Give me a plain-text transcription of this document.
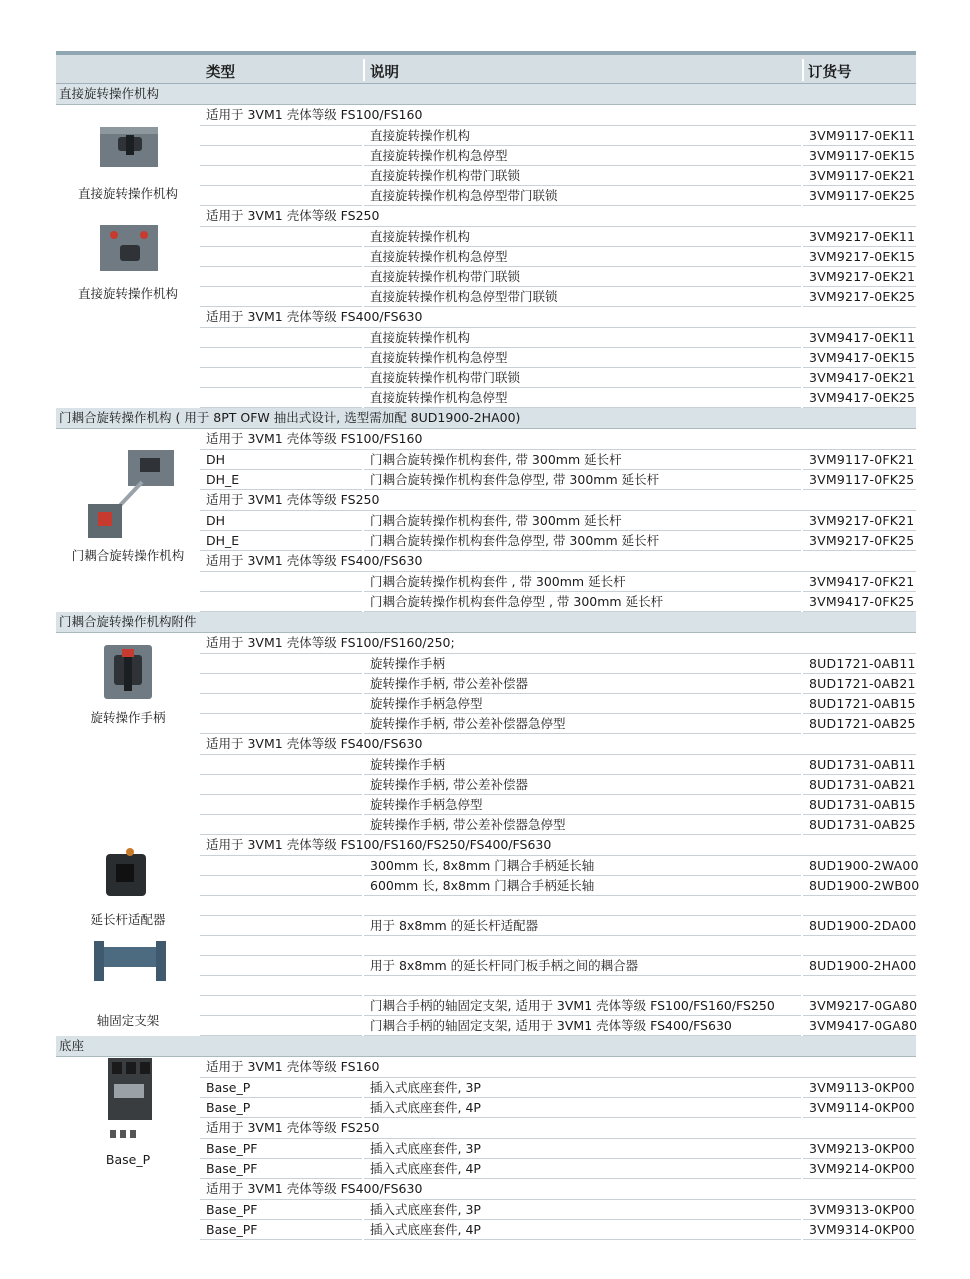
类型	说明	订货号
直接旋转操作机构
适用于 3VM1 壳体等级 FS100/FS160
直接旋转操作机构	3VM9117-0EK11
直接旋转操作机构急停型	3VM9117-0EK15
直接旋转操作机构带门联锁	3VM9117-0EK21
直接旋转操作机构急停型带门联锁	3VM9117-0EK25
适用于 3VM1 壳体等级 FS250
直接旋转操作机构	3VM9217-0EK11
直接旋转操作机构急停型	3VM9217-0EK15
直接旋转操作机构带门联锁	3VM9217-0EK21
直接旋转操作机构急停型带门联锁	3VM9217-0EK25
适用于 3VM1 壳体等级 FS400/FS630
直接旋转操作机构	3VM9417-0EK11
直接旋转操作机构急停型	3VM9417-0EK15
直接旋转操作机构带门联锁	3VM9417-0EK21
直接旋转操作机构急停型	3VM9417-0EK25
门耦合旋转操作机构 ( 用于 8PT OFW 抽出式设计, 选型需加配 8UD1900-2HA00)
适用于 3VM1 壳体等级 FS100/FS160
DH	门耦合旋转操作机构套件, 带 300mm 延长杆	3VM9117-0FK21
DH_E	门耦合旋转操作机构套件急停型, 带 300mm 延长杆	3VM9117-0FK25
适用于 3VM1 壳体等级 FS250
DH	门耦合旋转操作机构套件, 带 300mm 延长杆	3VM9217-0FK21
DH_E	门耦合旋转操作机构套件急停型, 带 300mm 延长杆	3VM9217-0FK25
适用于 3VM1 壳体等级 FS400/FS630
门耦合旋转操作机构套件 , 带 300mm 延长杆	3VM9417-0FK21
门耦合旋转操作机构套件急停型 , 带 300mm 延长杆	3VM9417-0FK25
门耦合旋转操作机构附件
适用于 3VM1 壳体等级 FS100/FS160/250;
旋转操作手柄	8UD1721-0AB11
旋转操作手柄, 带公差补偿器	8UD1721-0AB21
旋转操作手柄急停型	8UD1721-0AB15
旋转操作手柄, 带公差补偿器急停型	8UD1721-0AB25
适用于 3VM1 壳体等级 FS400/FS630
旋转操作手柄	8UD1731-0AB11
旋转操作手柄, 带公差补偿器	8UD1731-0AB21
旋转操作手柄急停型	8UD1731-0AB15
旋转操作手柄, 带公差补偿器急停型	8UD1731-0AB25
适用于 3VM1 壳体等级 FS100/FS160/FS250/FS400/FS630
300mm 长, 8x8mm 门耦合手柄延长轴	8UD1900-2WA00
600mm 长, 8x8mm 门耦合手柄延长轴	8UD1900-2WB00
用于 8x8mm 的延长杆适配器	8UD1900-2DA00
用于 8x8mm 的延长杆同门板手柄之间的耦合器	8UD1900-2HA00
门耦合手柄的轴固定支架, 适用于 3VM1 壳体等级 FS100/FS160/FS250	3VM9217-0GA80
门耦合手柄的轴固定支架, 适用于 3VM1 壳体等级 FS400/FS630	3VM9417-0GA80
底座
适用于 3VM1 壳体等级 FS160
Base_P	插入式底座套件, 3P	3VM9113-0KP00
Base_P	插入式底座套件, 4P	3VM9114-0KP00
适用于 3VM1 壳体等级 FS250
Base_PF	插入式底座套件, 3P	3VM9213-0KP00
Base_PF	插入式底座套件, 4P	3VM9214-0KP00
适用于 3VM1 壳体等级 FS400/FS630
Base_PF	插入式底座套件, 3P	3VM9313-0KP00
Base_PF	插入式底座套件, 4P	3VM9314-0KP00
直接旋转操作机构
直接旋转操作机构
门耦合旋转操作机构
旋转操作手柄
延长杆适配器
轴固定支架
Base_P
